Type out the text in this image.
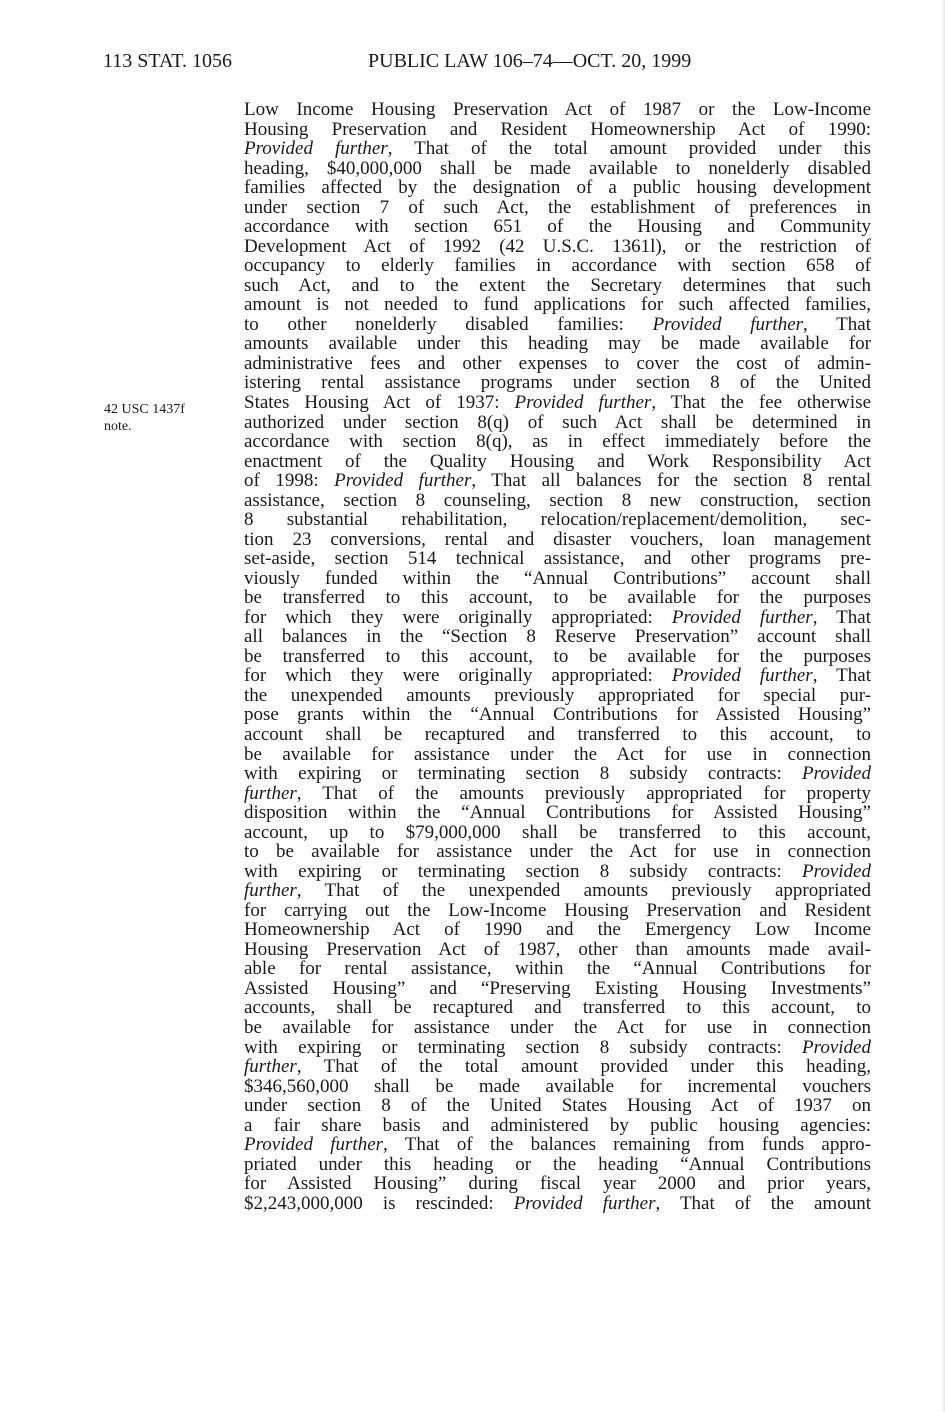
113 STAT. 1056	PUBLIC LAW 106–74—OCT. 20, 1999
42 USC 1437f
note.
Low Income Housing Preservation Act of 1987 or the Low-Income
Housing Preservation and Resident Homeownership Act of 1990:
Provided further, That of the total amount provided under this
heading, $40,000,000 shall be made available to nonelderly disabled
families affected by the designation of a public housing development
under section 7 of such Act, the establishment of preferences in
accordance with section 651 of the Housing and Community
Development Act of 1992 (42 U.S.C. 1361l), or the restriction of
occupancy to elderly families in accordance with section 658 of
such Act, and to the extent the Secretary determines that such
amount is not needed to fund applications for such affected families,
to other nonelderly disabled families: Provided further, That
amounts available under this heading may be made available for
administrative fees and other expenses to cover the cost of admin-
istering rental assistance programs under section 8 of the United
States Housing Act of 1937: Provided further, That the fee otherwise
authorized under section 8(q) of such Act shall be determined in
accordance with section 8(q), as in effect immediately before the
enactment of the Quality Housing and Work Responsibility Act
of 1998: Provided further, That all balances for the section 8 rental
assistance, section 8 counseling, section 8 new construction, section
8 substantial rehabilitation, relocation/replacement/demolition, sec-
tion 23 conversions, rental and disaster vouchers, loan management
set-aside, section 514 technical assistance, and other programs pre-
viously funded within the “Annual Contributions” account shall
be transferred to this account, to be available for the purposes
for which they were originally appropriated: Provided further, That
all balances in the “Section 8 Reserve Preservation” account shall
be transferred to this account, to be available for the purposes
for which they were originally appropriated: Provided further, That
the unexpended amounts previously appropriated for special pur-
pose grants within the “Annual Contributions for Assisted Housing”
account shall be recaptured and transferred to this account, to
be available for assistance under the Act for use in connection
with expiring or terminating section 8 subsidy contracts: Provided
further, That of the amounts previously appropriated for property
disposition within the “Annual Contributions for Assisted Housing”
account, up to $79,000,000 shall be transferred to this account,
to be available for assistance under the Act for use in connection
with expiring or terminating section 8 subsidy contracts: Provided
further, That of the unexpended amounts previously appropriated
for carrying out the Low-Income Housing Preservation and Resident
Homeownership Act of 1990 and the Emergency Low Income
Housing Preservation Act of 1987, other than amounts made avail-
able for rental assistance, within the “Annual Contributions for
Assisted Housing” and “Preserving Existing Housing Investments”
accounts, shall be recaptured and transferred to this account, to
be available for assistance under the Act for use in connection
with expiring or terminating section 8 subsidy contracts: Provided
further, That of the total amount provided under this heading,
$346,560,000 shall be made available for incremental vouchers
under section 8 of the United States Housing Act of 1937 on
a fair share basis and administered by public housing agencies:
Provided further, That of the balances remaining from funds appro-
priated under this heading or the heading “Annual Contributions
for Assisted Housing” during fiscal year 2000 and prior years,
$2,243,000,000 is rescinded: Provided further, That of the amount
